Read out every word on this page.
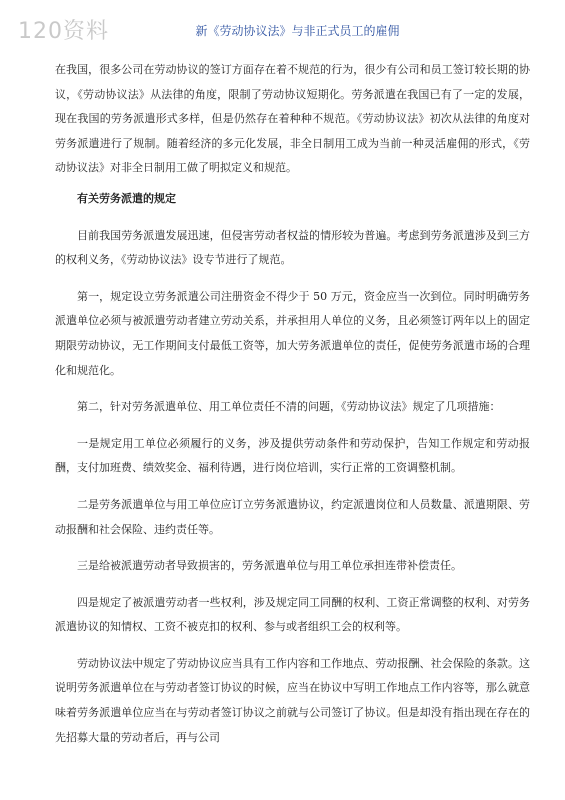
120资料	新《劳动协议法》与非正式员工的雇佣

在我国，很多公司在劳动协议的签订方面存在着不规范的行为，很少有公司和员工签订较长期的协议，《劳动协议法》从法律的角度，限制了劳动协议短期化。劳务派遣在我国已有了一定的发展，现在我国的劳务派遣形式多样，但是仍然存在着种种不规范。《劳动协议法》初次从法律的角度对劳务派遣进行了规制。随着经济的多元化发展，非全日制用工成为当前一种灵活雇佣的形式，《劳动协议法》对非全日制用工做了明拟定义和规范。

有关劳务派遣的规定

目前我国劳务派遣发展迅速，但侵害劳动者权益的情形较为普遍。考虑到劳务派遣涉及到三方的权利义务，《劳动协议法》设专节进行了规范。

第一，规定设立劳务派遣公司注册资金不得少于 50 万元，资金应当一次到位。同时明确劳务派遣单位必须与被派遣劳动者建立劳动关系，并承担用人单位的义务，且必须签订两年以上的固定期限劳动协议，无工作期间支付最低工资等，加大劳务派遣单位的责任，促使劳务派遣市场的合理化和规范化。

第二，针对劳务派遣单位、用工单位责任不清的问题，《劳动协议法》规定了几项措施：

一是规定用工单位必须履行的义务，涉及提供劳动条件和劳动保护，告知工作规定和劳动报酬，支付加班费、绩效奖金、福利待遇，进行岗位培训，实行正常的工资调整机制。

二是劳务派遣单位与用工单位应订立劳务派遣协议，约定派遣岗位和人员数量、派遣期限、劳动报酬和社会保险、违约责任等。

三是给被派遣劳动者导致损害的，劳务派遣单位与用工单位承担连带补偿责任。

四是规定了被派遣劳动者一些权利，涉及规定同工同酬的权利、工资正常调整的权利、对劳务派遣协议的知情权、工资不被克扣的权利、参与或者组织工会的权利等。

劳动协议法中规定了劳动协议应当具有工作内容和工作地点、劳动报酬、社会保险的条款。这说明劳务派遣单位在与劳动者签订协议的时候，应当在协议中写明工作地点工作内容等，那么就意味着劳务派遣单位应当在与劳动者签订协议之前就与公司签订了协议。但是却没有指出现在存在的先招募大量的劳动者后，再与公司
